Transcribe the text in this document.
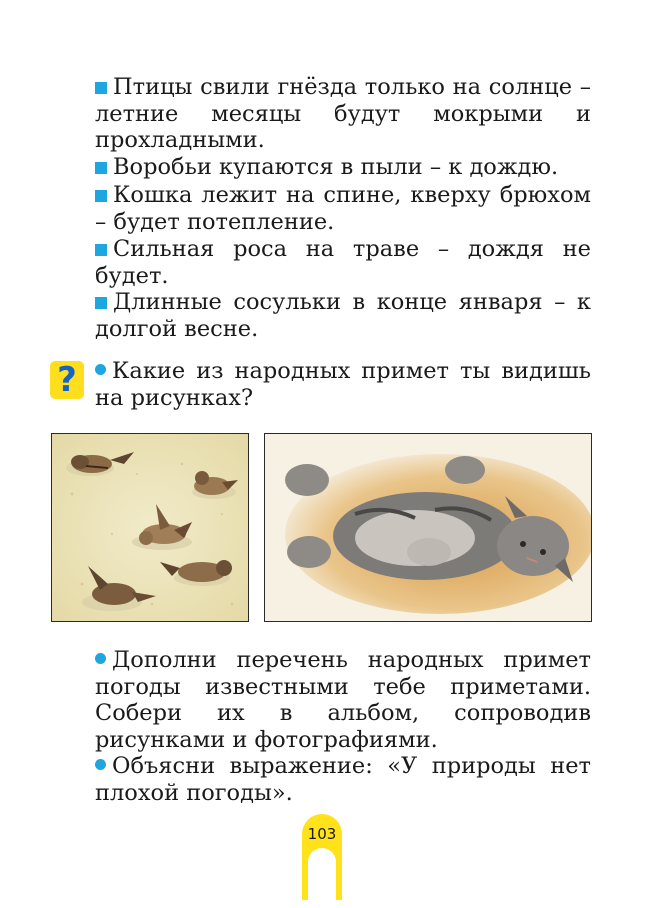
Птицы свили гнёзда только на солнце – летние месяцы будут мокрыми и прохладными.
Воробьи купаются в пыли – к дождю.
Кошка лежит на спине, кверху брюхом – будет потепление.
Сильная роса на траве – дождя не будет.
Длинные сосульки в конце января – к долгой весне.
?	Какие из народных примет ты видишь на рисунках?
Дополни перечень народных примет погоды известными тебе приметами. Собери их в альбом, сопроводив рисунками и фотографиями.
Объясни выражение: «У природы нет плохой погоды».
103
